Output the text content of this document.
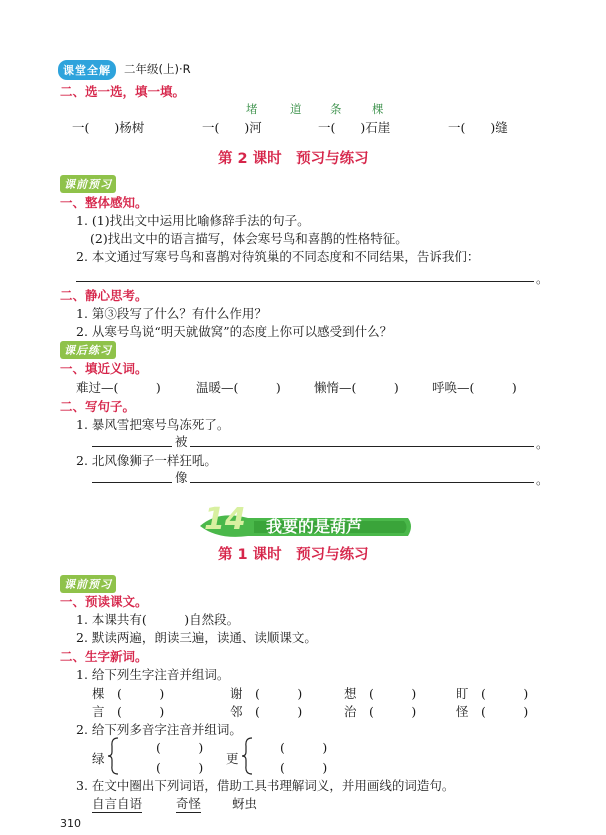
课堂全解	二年级(上)·R
二、选一选，填一填。
堵	道 条	棵
一(　　)杨树	一(　　)河	一(　　)石崖	一(　　)缝
第 2 课时　预习与练习
课前预习
一、整体感知。
1. (1)找出文中运用比喻修辞手法的句子。
(2)找出文中的语言描写，体会寒号鸟和喜鹊的性格特征。
2. 本文通过写寒号鸟和喜鹊对待筑巢的不同态度和不同结果，告诉我们：
。
二、静心思考。
1. 第③段写了什么？有什么作用？
2. 从寒号鸟说“明天就做窝”的态度上你可以感受到什么？
课后练习
一、填近义词。
难过—(　　　)	温暖—(　　　)	懒惰—(　　　)	呼唤—(　　　)
二、写句子。
1. 暴风雪把寒号鸟冻死了。
被	。
2. 北风像狮子一样狂吼。
像	。
14 我要的是葫芦
第 1 课时　预习与练习
课前预习
一、预读课文。
1. 本课共有(　　　)自然段。
2. 默读两遍，朗读三遍，读通、读顺课文。
二、生字新词。
1. 给下列生字注音并组词。
棵　(　　　)	谢　(　　　)	想　(　　　)	盯　(　　　)
言　(　　　)	邻　(　　　)	治　(　　　)	怪　(　　　)
2. 给下列多音字注音并组词。
绿
(　　　)
(　　　)
更
(　　　)
(　　　)
3. 在文中圈出下列词语，借助工具书理解词义，并用画线的词造句。
自言自语	奇怪 蚜虫
310
